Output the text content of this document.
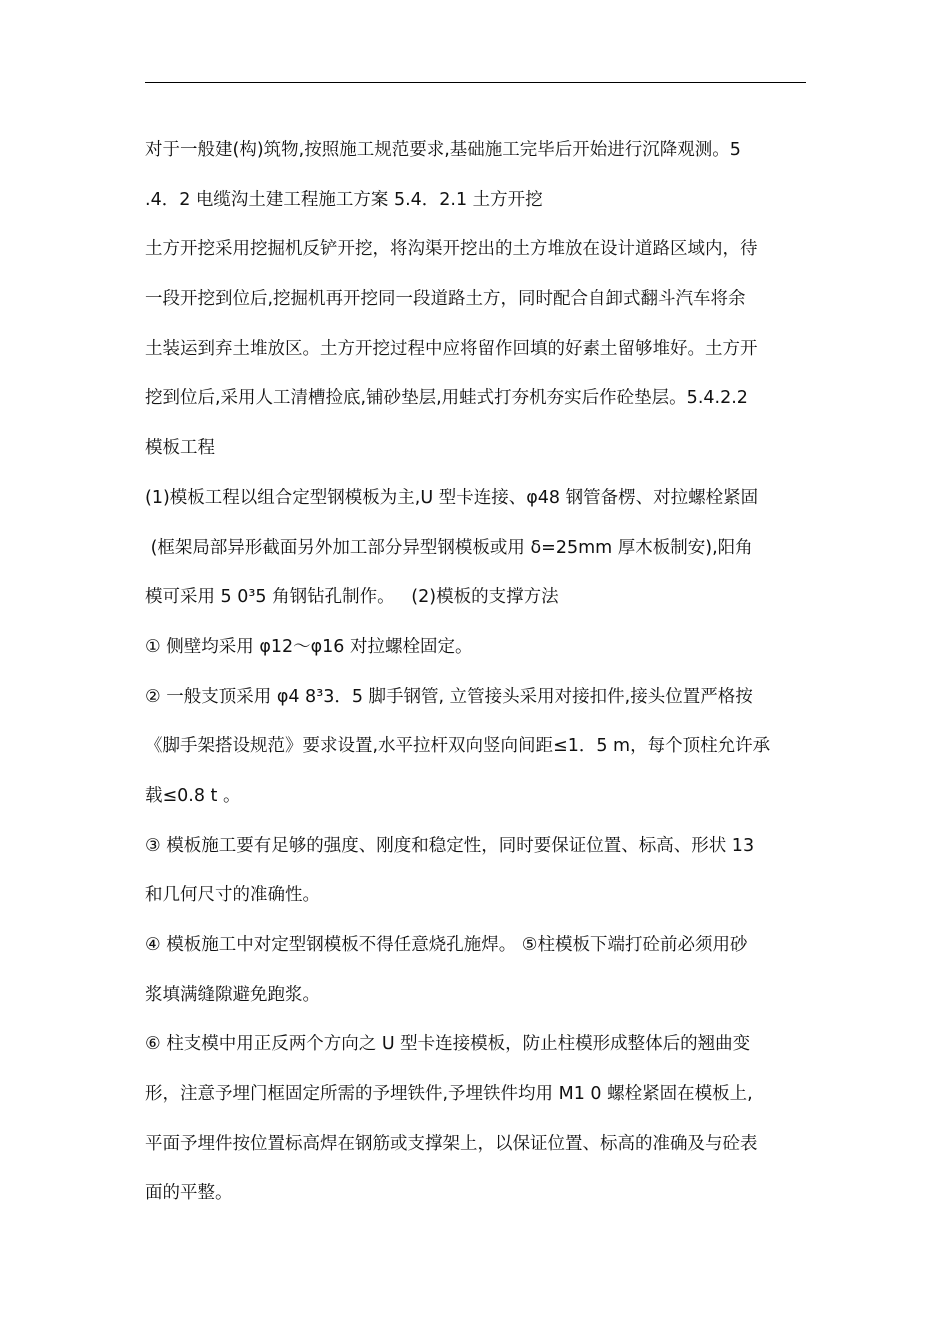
对于一般建(构)筑物,按照施工规范要求,基础施工完毕后开始进行沉降观测。5
.4．2 电缆沟土建工程施工方案 5.4．2.1 土方开挖
土方开挖采用挖掘机反铲开挖，将沟渠开挖出的土方堆放在设计道路区域内，待
一段开挖到位后,挖掘机再开挖同一段道路土方，同时配合自卸式翻斗汽车将余
土装运到弃土堆放区。土方开挖过程中应将留作回填的好素土留够堆好。土方开
挖到位后,采用人工清槽捡底,铺砂垫层,用蛙式打夯机夯实后作砼垫层。5.4.2.2
模板工程
(1)模板工程以组合定型钢模板为主,U 型卡连接、φ48 钢管备楞、对拉螺栓紧固
(框架局部异形截面另外加工部分异型钢模板或用 δ=25mm 厚木板制安),阳角
模可采用 5 0³5 角钢钻孔制作。   (2)模板的支撑方法
① 侧壁均采用 φ12～φ16 对拉螺栓固定。
② 一般支顶采用 φ4 8³3．5 脚手钢管, 立管接头采用对接扣件,接头位置严格按
《脚手架搭设规范》要求设置,水平拉杆双向竖向间距≤1．5 m，每个顶柱允许承
载≤0.8 t 。
③ 模板施工要有足够的强度、刚度和稳定性，同时要保证位置、标高、形状 13
和几何尺寸的准确性。
④ 模板施工中对定型钢模板不得任意烧孔施焊。 ⑤柱模板下端打砼前必须用砂
浆填满缝隙避免跑浆。
⑥ 柱支模中用正反两个方向之 U 型卡连接模板，防止柱模形成整体后的翘曲变
形，注意予埋门框固定所需的予埋铁件,予埋铁件均用 M1 0 螺栓紧固在模板上,
平面予埋件按位置标高焊在钢筋或支撑架上，以保证位置、标高的准确及与砼表
面的平整。
